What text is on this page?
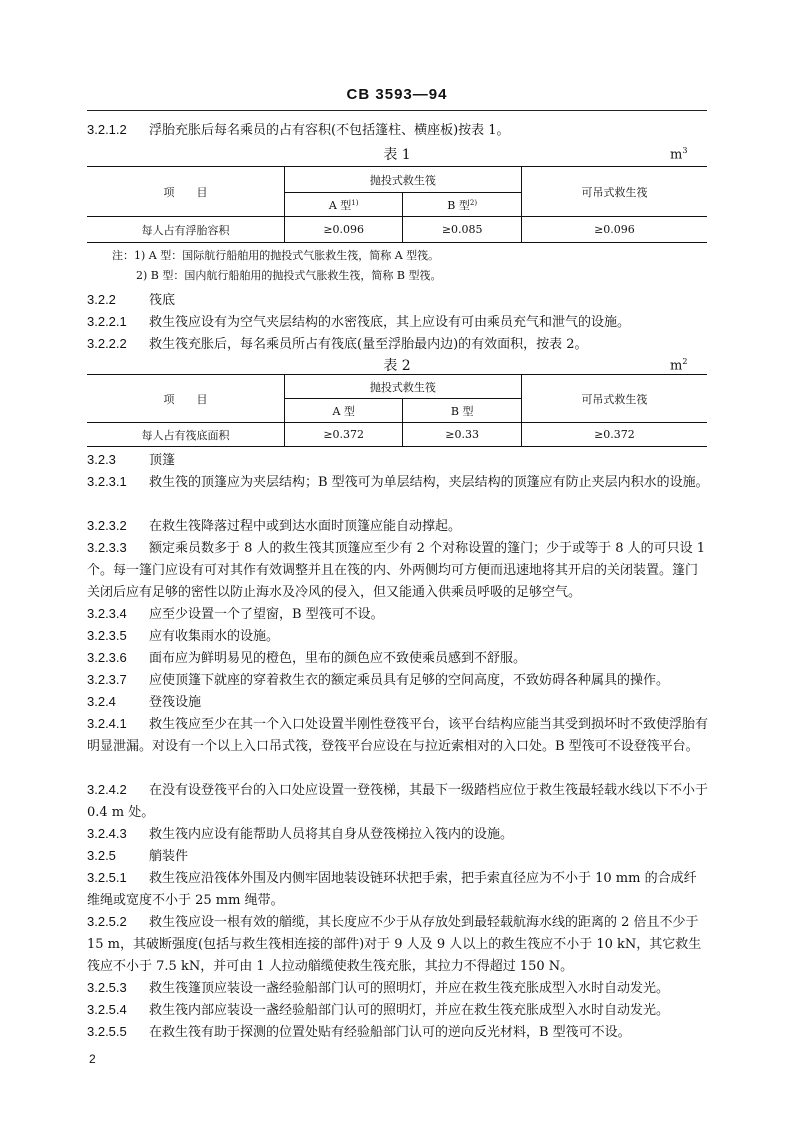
CB 3593—94

3.2.1.2 浮胎充胀后每名乘员的占有容积(不包括篷柱、横座板)按表 1。

表 1	$m^3$
项　　目	抛投式救生筏		可吊式救生筏
	A 型$^{1)}$	B 型$^{2)}$
每人占有浮胎容积	≥0.096	≥0.085	≥0.096

注：1) A 型：国际航行船舶用的抛投式气胀救生筏，简称 A 型筏。

2) B 型：国内航行船舶用的抛投式气胀救生筏，简称 B 型筏。

3.2.2	筏底

3.2.2.1 救生筏应设有为空气夹层结构的水密筏底，其上应设有可由乘员充气和泄气的设施。

3.2.2.2 救生筏充胀后，每名乘员所占有筏底(量至浮胎最内边)的有效面积，按表 2。

表 2	$m^2$
项　　目	抛投式救生筏		可吊式救生筏
	A 型	B 型	
每人占有筏底面积	≥0.372	≥0.33	≥0.372

3.2.3	顶篷

3.2.3.1 救生筏的顶篷应为夹层结构；B 型筏可为单层结构，夹层结构的顶篷应有防止夹层内积水的设施。

3.2.3.2 在救生筏降落过程中或到达水面时顶篷应能自动撑起。

3.2.3.3 额定乘员数多于 8 人的救生筏其顶篷应至少有 2 个对称设置的篷门；少于或等于 8 人的可只设 1 个。每一篷门应设有可对其作有效调整并且在筏的内、外两侧均可方便而迅速地将其开启的关闭装置。篷门关闭后应有足够的密性以防止海水及冷风的侵入，但又能通入供乘员呼吸的足够空气。

3.2.3.4 应至少设置一个了望窗，B 型筏可不设。

3.2.3.5 应有收集雨水的设施。

3.2.3.6 面布应为鲜明易见的橙色，里布的颜色应不致使乘员感到不舒服。

3.2.3.7 应使顶篷下就座的穿着救生衣的额定乘员具有足够的空间高度，不致妨碍各种属具的操作。

3.2.4	登筏设施

3.2.4.1 救生筏应至少在其一个入口处设置半刚性登筏平台，该平台结构应能当其受到损坏时不致使浮胎有明显泄漏。对设有一个以上入口吊式筏，登筏平台应设在与拉近索相对的入口处。B 型筏可不设登筏平台。

3.2.4.2 在没有设登筏平台的入口处应设置一登筏梯，其最下一级踏档应位于救生筏最轻载水线以下不小于 0.4 m 处。

3.2.4.3 救生筏内应设有能帮助人员将其自身从登筏梯拉入筏内的设施。

3.2.5	艄装件

3.2.5.1 救生筏应沿筏体外围及内侧牢固地装设链环状把手索，把手索直径应为不小于 10 mm 的合成纤维绳或宽度不小于 25 mm 绳带。

3.2.5.2 救生筏应设一根有效的艏缆，其长度应不少于从存放处到最轻载航海水线的距离的 2 倍且不少于 15 m，其破断强度(包括与救生筏相连接的部件)对于 9 人及 9 人以上的救生筏应不小于 10 kN，其它救生筏应不小于 7.5 kN，并可由 1 人拉动艏缆使救生筏充胀，其拉力不得超过 150 N。

3.2.5.3 救生筏篷顶应装设一盏经验船部门认可的照明灯，并应在救生筏充胀成型入水时自动发光。

3.2.5.4 救生筏内部应装设一盏经验船部门认可的照明灯，并应在救生筏充胀成型入水时自动发光。

3.2.5.5 在救生筏有助于探测的位置处贴有经验船部门认可的逆向反光材料，B 型筏可不设。

2
